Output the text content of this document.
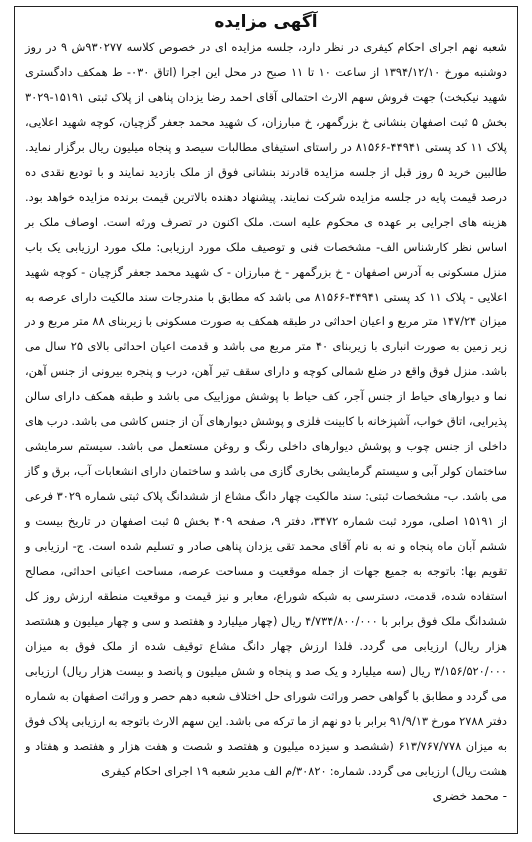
آگهی مزایده
شعبه نهم اجرای احکام کیفری در نظر دارد، جلسه مزایده ای در خصوص کلاسه ۹۳۰۲۷۷ش ۹ در روز دوشنبه مورخ ۱۳۹۴/۱۲/۱۰ از ساعت ۱۰ تا ۱۱ صبح در محل این اجرا (اتاق ۰۳۰- ط همکف دادگستری شهید نیکبخت) جهت فروش سهم الارث احتمالی آقای احمد رضا یزدان پناهی از پلاک ثبتی ۱۵۱۹۱-۳۰۲۹ بخش ۵ ثبت اصفهان بنشانی خ بزرگمهر، خ مبارزان، ک شهید محمد جعفر گزچیان، کوچه شهید اعلایی، پلاک ۱۱ کد پستی ۴۴۹۴۱-۸۱۵۶۶ در راستای استیفای مطالبات سیصد و پنجاه میلیون ریال برگزار نماید. طالبین خرید ۵ روز قبل از جلسه مزایده قادرند بنشانی فوق از ملک بازدید نمایند و با تودیع نقدی ده درصد قیمت پایه در جلسه مزایده شرکت نمایند. پیشنهاد دهنده بالاترین قیمت برنده مزایده خواهد بود. هزینه های اجرایی بر عهده ی محکوم علیه است. ملک اکنون در تصرف ورثه است. اوصاف ملک بر اساس نظر کارشناس الف- مشخصات فنی و توصیف ملک مورد ارزیابی: ملک مورد ارزیابی یک باب منزل مسکونی به آدرس اصفهان - خ بزرگمهر - خ مبارزان - ک شهید محمد جعفر گزچیان - کوچه شهید اعلایی - پلاک ۱۱ کد پستی ۴۴۹۴۱-۸۱۵۶۶ می باشد که مطابق با مندرجات سند مالکیت دارای عرصه به میزان ۱۴۷/۲۴ متر مربع و اعیان احداثی در طبقه همکف به صورت مسکونی با زیربنای ۸۸ متر مربع و در زیر زمین به صورت انباری با زیربنای ۴۰ متر مربع می باشد و قدمت اعیان احداثی بالای ۲۵ سال می باشد. منزل فوق واقع در ضلع شمالی کوچه و دارای سقف تیر آهن، درب و پنجره بیرونی از جنس آهن، نما و دیوارهای حیاط از جنس آجر، کف حیاط با پوشش موزاییک می باشد و طبقه همکف دارای سالن پذیرایی، اتاق خواب، آشپزخانه با کابینت فلزی و پوشش دیوارهای آن از جنس کاشی می باشد. درب های داخلی از جنس چوب و پوشش دیوارهای داخلی رنگ و روغن مستعمل می باشد. سیستم سرمایشی ساختمان کولر آبی و سیستم گرمایشی بخاری گازی می باشد و ساختمان دارای انشعابات آب، برق و گاز می باشد. ب- مشخصات ثبتی: سند مالکیت چهار دانگ مشاع از ششدانگ پلاک ثبتی شماره ۳۰۲۹ فرعی از ۱۵۱۹۱ اصلی، مورد ثبت شماره ۳۴۷۲، دفتر ۹، صفحه ۴۰۹ بخش ۵ ثبت اصفهان در تاریخ بیست و ششم آبان ماه پنجاه و نه به نام آقای محمد تقی یزدان پناهی صادر و تسلیم شده است. ج- ارزیابی و تقویم بها: باتوجه به جمیع جهات از جمله موقعیت و مساحت عرصه، مساحت اعیانی احداثی، مصالح استفاده شده، قدمت، دسترسی به شبکه شوراع، معابر و نیز قیمت و موقعیت منطقه ارزش روز کل ششدانگ ملک فوق برابر با ۴/۷۳۴/۸۰۰/۰۰۰ ریال (چهار میلیارد و هفتصد و سی و چهار میلیون و هشتصد هزار ریال) ارزیابی می گردد. فلذا ارزش چهار دانگ مشاع توقیف شده از ملک فوق به میزان ۳/۱۵۶/۵۲۰/۰۰۰ ریال (سه میلیارد و یک صد و پنجاه و شش میلیون و پانصد و بیست هزار ریال) ارزیابی می گردد و مطابق با گواهی حصر وراثت شورای حل اختلاف شعبه دهم حصر و وراثت اصفهان به شماره دفتر ۲۷۸۸ مورخ ۹۱/۹/۱۳ برابر با دو نهم از ما ترکه می باشد. این سهم الارث باتوجه به ارزیابی پلاک فوق به میزان ۶۱۳/۷۶۷/۷۷۸ (ششصد و سیزده میلیون و هفتصد و شصت و هفت هزار و هفتصد و هفتاد و هشت ریال) ارزیابی می گردد. شماره: ۳۰۸۲۰/م الف مدیر شعبه ۱۹ اجرای احکام کیفری
- محمد خضری
